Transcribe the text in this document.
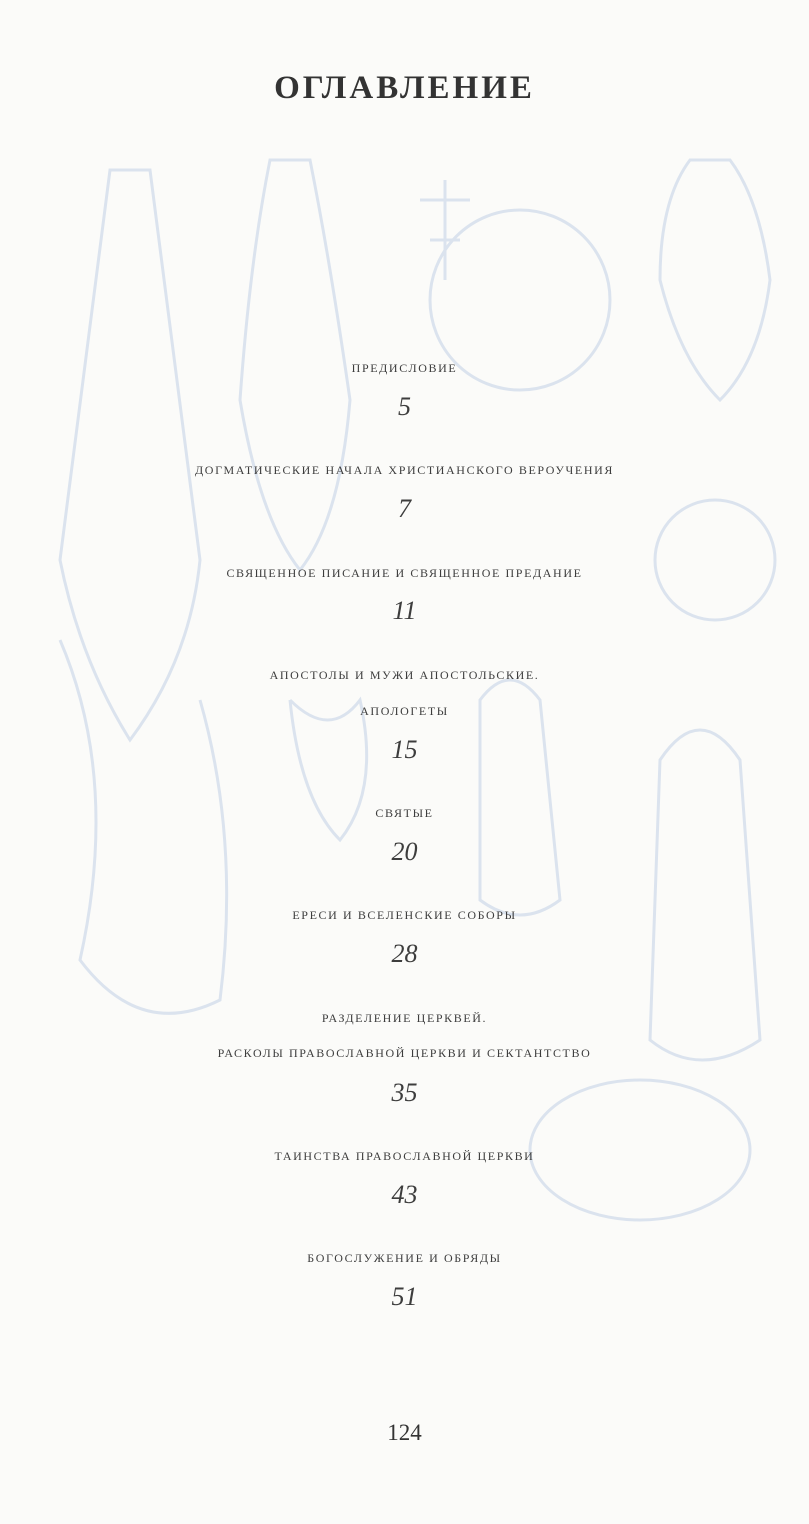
ОГЛАВЛЕНИЕ
ПРЕДИСЛОВИЕ
5
ДОГМАТИЧЕСКИЕ НАЧАЛА ХРИСТИАНСКОГО ВЕРОУЧЕНИЯ
7
СВЯЩЕННОЕ ПИСАНИЕ И СВЯЩЕННОЕ ПРЕДАНИЕ
11
АПОСТОЛЫ И МУЖИ АПОСТОЛЬСКИЕ.
АПОЛОГЕТЫ
15
СВЯТЫЕ
20
ЕРЕСИ И ВСЕЛЕНСКИЕ СОБОРЫ
28
РАЗДЕЛЕНИЕ ЦЕРКВЕЙ.
РАСКОЛЫ ПРАВОСЛАВНОЙ ЦЕРКВИ И СЕКТАНТСТВО
35
ТАИНСТВА ПРАВОСЛАВНОЙ ЦЕРКВИ
43
БОГОСЛУЖЕНИЕ И ОБРЯДЫ
51
124
